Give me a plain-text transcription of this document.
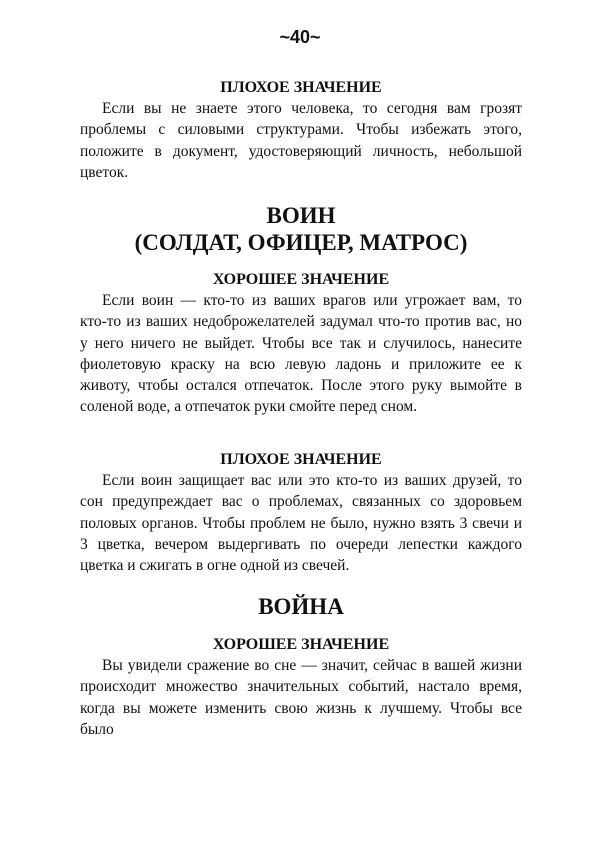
~40~
ПЛОХОЕ ЗНАЧЕНИЕ
Если вы не знаете этого человека, то сегодня вам грозят
проблемы с силовыми структурами. Чтобы избежать этого,
положите в документ, удостоверяющий личность, небольшой
цветок.
ВОИН
(СОЛДАТ, ОФИЦЕР, МАТРОС)
ХОРОШЕЕ ЗНАЧЕНИЕ
Если воин — кто-то из ваших врагов или угрожает вам, то
кто-то из ваших недоброжелателей задумал что-то против вас, но
у него ничего не выйдет. Чтобы все так и случилось, нанесите
фиолетовую краску на всю левую ладонь и приложите ее к
животу, чтобы остался отпечаток. После этого руку вымойте в
соленой воде, а отпечаток руки смойте перед сном.
ПЛОХОЕ ЗНАЧЕНИЕ
Если воин защищает вас или это кто-то из ваших друзей, то
сон предупреждает вас о проблемах, связанных со здоровьем
половых органов. Чтобы проблем не было, нужно взять 3 свечи и
3 цветка, вечером выдергивать по очереди лепестки каждого
цветка и сжигать в огне одной из свечей.
ВОЙНА
ХОРОШЕЕ ЗНАЧЕНИЕ
Вы увидели сражение во сне — значит, сейчас в вашей жизни
происходит множество значительных событий, настало время,
когда вы можете изменить свою жизнь к лучшему. Чтобы все
было
